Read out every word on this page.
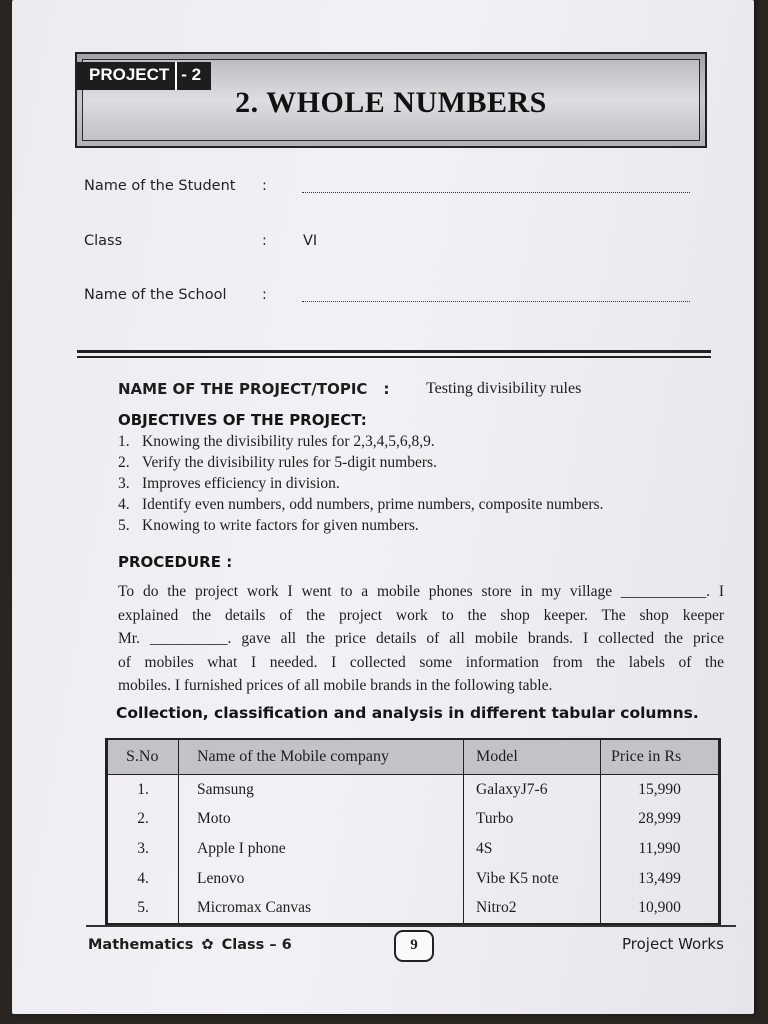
PROJECT - 2
2. WHOLE NUMBERS
Name of the Student :
Class	: VI
Name of the School :
NAME OF THE PROJECT/TOPIC : Testing divisibility rules
OBJECTIVES OF THE PROJECT:
1. Knowing the divisibility rules for 2,3,4,5,6,8,9.
2. Verify the divisibility rules for 5-digit numbers.
3. Improves efficiency in division.
4. Identify even numbers, odd numbers, prime numbers, composite numbers.
5. Knowing to write factors for given numbers.
PROCEDURE :
To do the project work I went to a mobile phones store in my village ___________. I
explained the details of the project work to the shop keeper. The shop keeper
Mr. __________. gave all the price details of all mobile brands. I collected the price
of mobiles what I needed. I collected some information from the labels of the
mobiles. I furnished prices of all mobile brands in the following table.
Collection, classification and analysis in different tabular columns.
S.No	Name of the Mobile company	Model	Price in Rs
1.	Samsung	GalaxyJ7-6	15,990
2.	Moto	Turbo	28,999
3.	Apple I phone	4S	11,990
4.	Lenovo	Vibe K5 note	13,499
5.	Micromax Canvas	Nitro2	10,900
Mathematics ✿ Class – 6	9	Project Works
